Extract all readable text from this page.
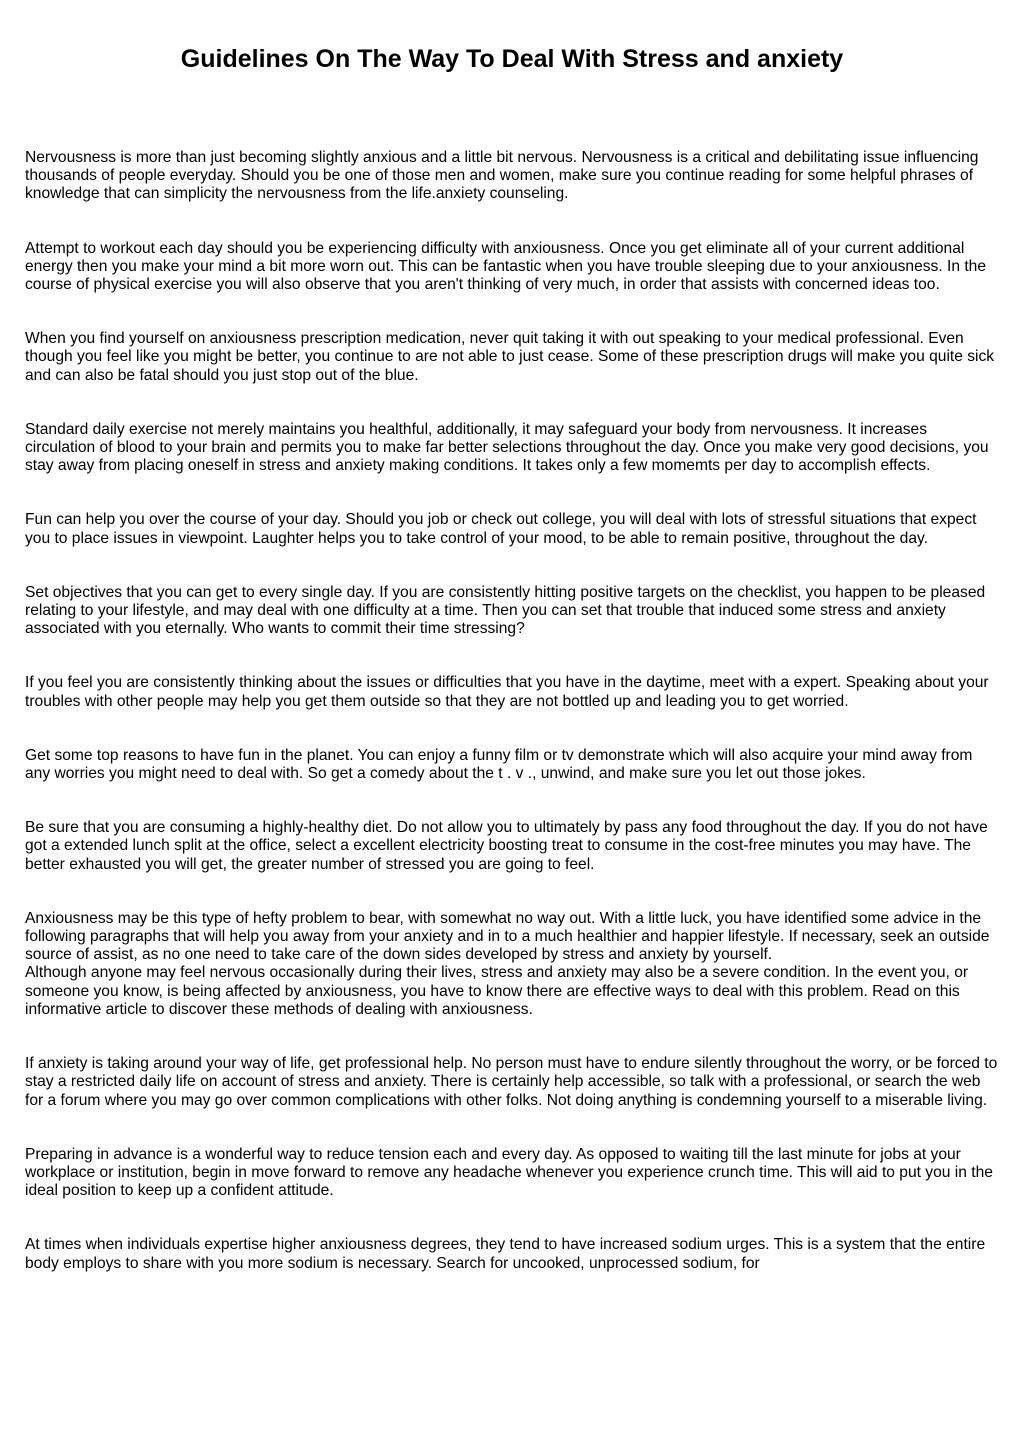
Guidelines On The Way To Deal With Stress and anxiety

Nervousness is more than just becoming slightly anxious and a little bit nervous. Nervousness is a critical and debilitating issue influencing thousands of people everyday. Should you be one of those men and women, make sure you continue reading for some helpful phrases of knowledge that can simplicity the nervousness from the life.anxiety counseling.

Attempt to workout each day should you be experiencing difficulty with anxiousness. Once you get eliminate all of your current additional energy then you make your mind a bit more worn out. This can be fantastic when you have trouble sleeping due to your anxiousness. In the course of physical exercise you will also observe that you aren't thinking of very much, in order that assists with concerned ideas too.

When you find yourself on anxiousness prescription medication, never quit taking it with out speaking to your medical professional. Even though you feel like you might be better, you continue to are not able to just cease. Some of these prescription drugs will make you quite sick and can also be fatal should you just stop out of the blue.

Standard daily exercise not merely maintains you healthful, additionally, it may safeguard your body from nervousness. It increases circulation of blood to your brain and permits you to make far better selections throughout the day. Once you make very good decisions, you stay away from placing oneself in stress and anxiety making conditions. It takes only a few momemts per day to accomplish effects.

Fun can help you over the course of your day. Should you job or check out college, you will deal with lots of stressful situations that expect you to place issues in viewpoint. Laughter helps you to take control of your mood, to be able to remain positive, throughout the day.

Set objectives that you can get to every single day. If you are consistently hitting positive targets on the checklist, you happen to be pleased relating to your lifestyle, and may deal with one difficulty at a time. Then you can set that trouble that induced some stress and anxiety associated with you eternally. Who wants to commit their time stressing?

If you feel you are consistently thinking about the issues or difficulties that you have in the daytime, meet with a expert. Speaking about your troubles with other people may help you get them outside so that they are not bottled up and leading you to get worried.

Get some top reasons to have fun in the planet. You can enjoy a funny film or tv demonstrate which will also acquire your mind away from any worries you might need to deal with. So get a comedy about the t . v ., unwind, and make sure you let out those jokes.

Be sure that you are consuming a highly-healthy diet. Do not allow you to ultimately by pass any food throughout the day. If you do not have got a extended lunch split at the office, select a excellent electricity boosting treat to consume in the cost-free minutes you may have. The better exhausted you will get, the greater number of stressed you are going to feel.

Anxiousness may be this type of hefty problem to bear, with somewhat no way out. With a little luck, you have identified some advice in the following paragraphs that will help you away from your anxiety and in to a much healthier and happier lifestyle. If necessary, seek an outside source of assist, as no one need to take care of the down sides developed by stress and anxiety by yourself.

Although anyone may feel nervous occasionally during their lives, stress and anxiety may also be a severe condition. In the event you, or someone you know, is being affected by anxiousness, you have to know there are effective ways to deal with this problem. Read on this informative article to discover these methods of dealing with anxiousness.

If anxiety is taking around your way of life, get professional help. No person must have to endure silently throughout the worry, or be forced to stay a restricted daily life on account of stress and anxiety. There is certainly help accessible, so talk with a professional, or search the web for a forum where you may go over common complications with other folks. Not doing anything is condemning yourself to a miserable living.

Preparing in advance is a wonderful way to reduce tension each and every day. As opposed to waiting till the last minute for jobs at your workplace or institution, begin in move forward to remove any headache whenever you experience crunch time. This will aid to put you in the ideal position to keep up a confident attitude.

At times when individuals expertise higher anxiousness degrees, they tend to have increased sodium urges. This is a system that the entire body employs to share with you more sodium is necessary. Search for uncooked, unprocessed sodium, for
